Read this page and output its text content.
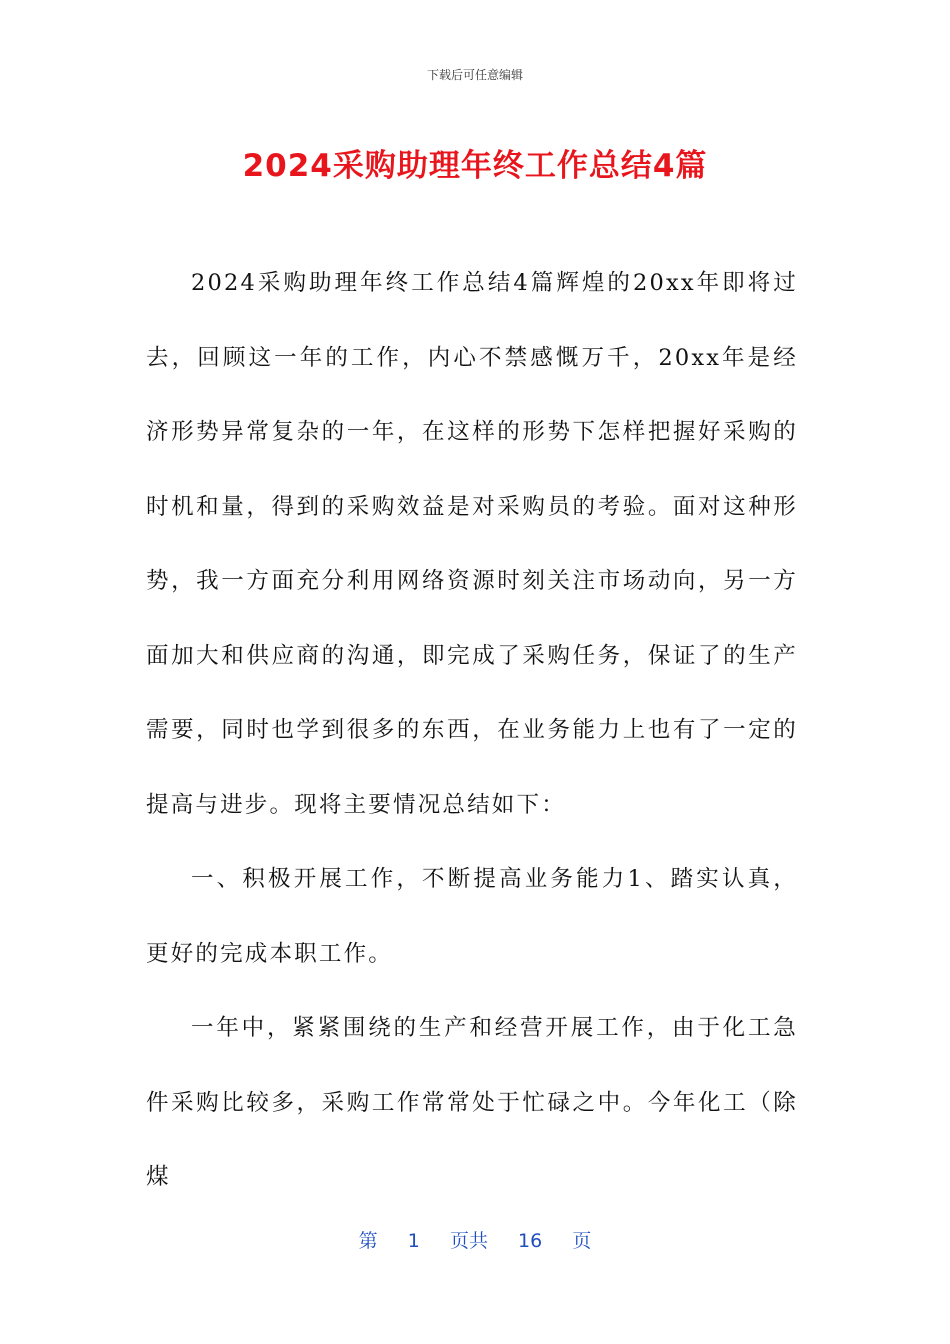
下载后可任意编辑
2024采购助理年终工作总结4篇

2024采购助理年终工作总结4篇辉煌的20xx年即将过去，回顾这一年的工作，内心不禁感慨万千，20xx年是经济形势异常复杂的一年，在这样的形势下怎样把握好采购的时机和量，得到的采购效益是对采购员的考验。面对这种形势，我一方面充分利用网络资源时刻关注市场动向，另一方面加大和供应商的沟通，即完成了采购任务，保证了的生产需要，同时也学到很多的东西，在业务能力上也有了一定的提高与进步。现将主要情况总结如下：

一、积极开展工作，不断提高业务能力1、踏实认真，更好的完成本职工作。

一年中，紧紧围绕的生产和经营开展工作，由于化工急件采购比较多，采购工作常常处于忙碌之中。今年化工（除煤

第 1 页共 16 页
